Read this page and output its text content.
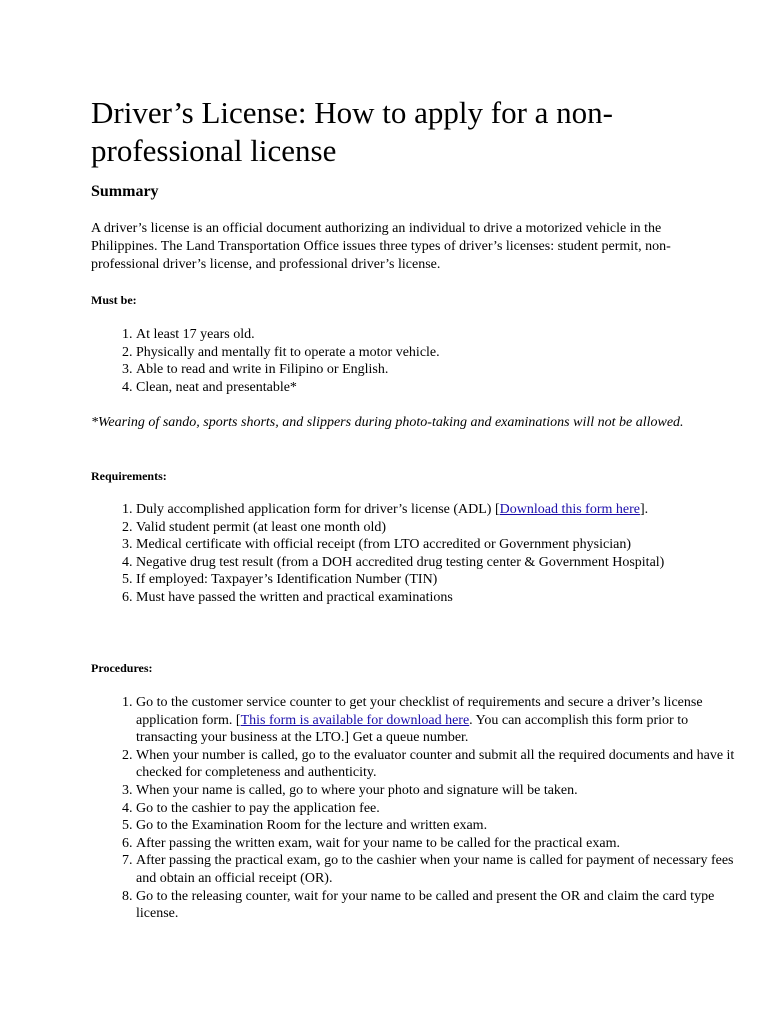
Driver’s License: How to apply for a non-professional license
Summary

A driver’s license is an official document authorizing an individual to drive a motorized vehicle in the Philippines. The Land Transportation Office issues three types of driver’s licenses: student permit, non-professional driver’s license, and professional driver’s license.

Must be:
1. At least 17 years old.
2. Physically and mentally fit to operate a motor vehicle.
3. Able to read and write in Filipino or English.
4. Clean, neat and presentable*

*Wearing of sando, sports shorts, and slippers during photo-taking and examinations will not be allowed.

Requirements:
1. Duly accomplished application form for driver’s license (ADL) [Download this form here].
2. Valid student permit (at least one month old)
3. Medical certificate with official receipt (from LTO accredited or Government physician)
4. Negative drug test result (from a DOH accredited drug testing center & Government Hospital)
5. If employed: Taxpayer’s Identification Number (TIN)
6. Must have passed the written and practical examinations
Procedures:
1. Go to the customer service counter to get your checklist of requirements and secure a driver’s license application form. [This form is available for download here. You can accomplish this form prior to transacting your business at the LTO.] Get a queue number.
2. When your number is called, go to the evaluator counter and submit all the required documents and have it checked for completeness and authenticity.
3. When your name is called, go to where your photo and signature will be taken.
4. Go to the cashier to pay the application fee.
5. Go to the Examination Room for the lecture and written exam.
6. After passing the written exam, wait for your name to be called for the practical exam.
7. After passing the practical exam, go to the cashier when your name is called for payment of necessary fees and obtain an official receipt (OR).
8. Go to the releasing counter, wait for your name to be called and present the OR and claim the card type license.
